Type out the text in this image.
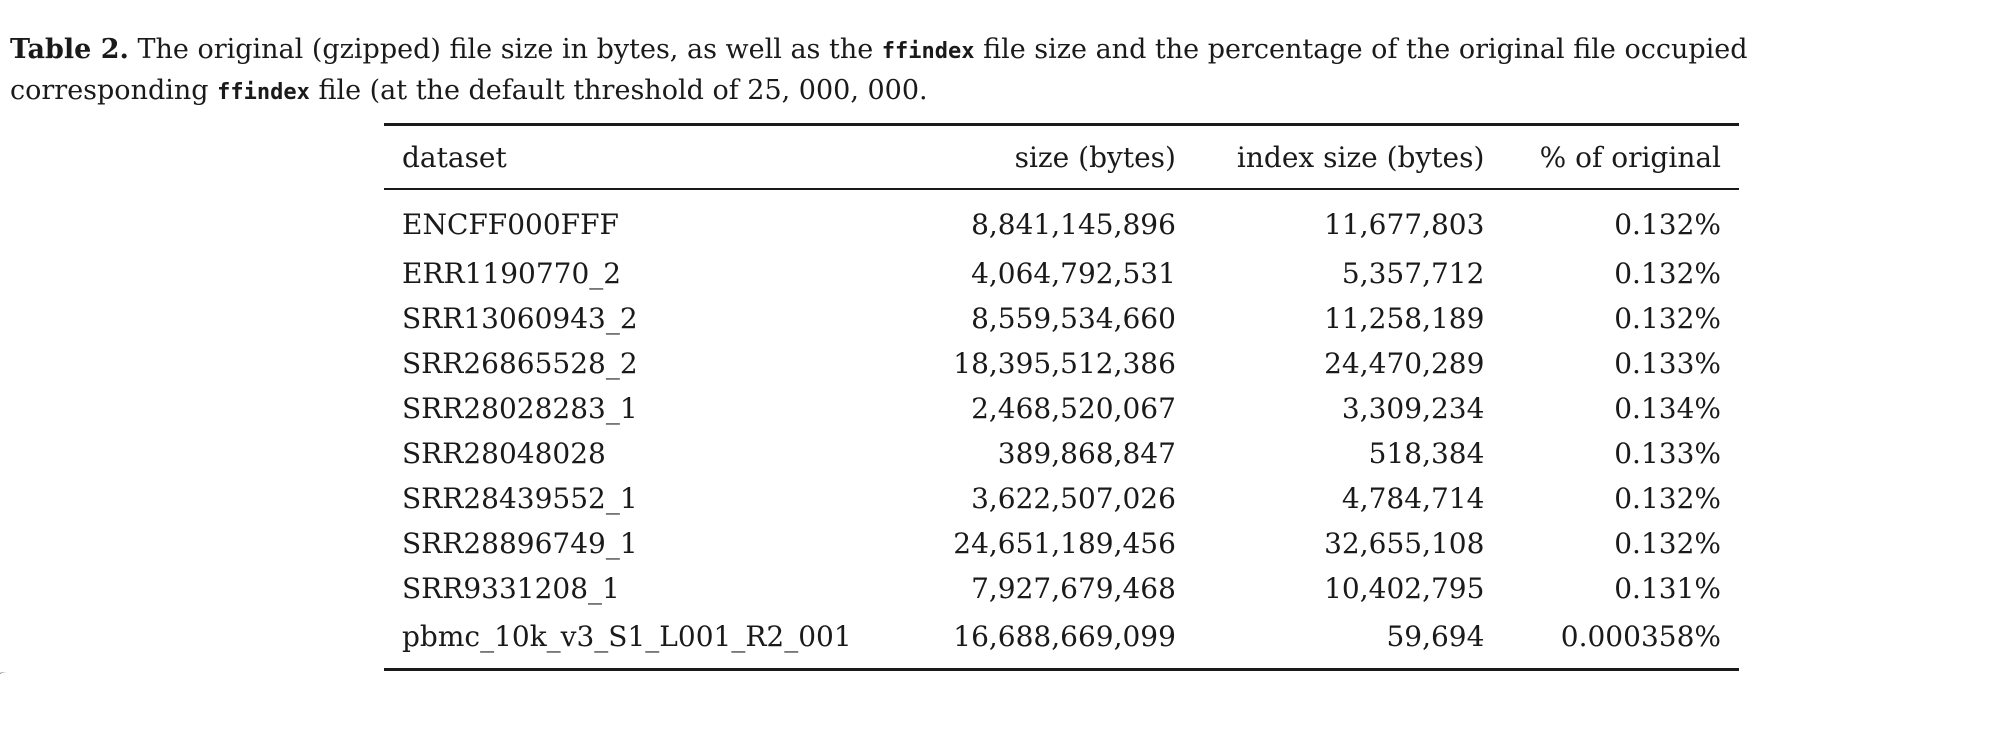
Table 2. The original (gzipped) file size in bytes, as well as the ffindex file size and the percentage of the original file occupied
corresponding ffindex file (at the default threshold of 25, 000, 000.
dataset	size (bytes)	index size (bytes)	% of original
ENCFF000FFF	8,841,145,896	11,677,803	0.132%
ERR1190770_2	4,064,792,531	5,357,712	0.132%
SRR13060943_2	8,559,534,660	11,258,189	0.132%
SRR26865528_2	18,395,512,386	24,470,289	0.133%
SRR28028283_1	2,468,520,067	3,309,234	0.134%
SRR28048028	389,868,847	518,384	0.133%
SRR28439552_1	3,622,507,026	4,784,714	0.132%
SRR28896749_1	24,651,189,456	32,655,108	0.132%
SRR9331208_1	7,927,679,468	10,402,795	0.131%
pbmc_10k_v3_S1_L001_R2_001	16,688,669,099	59,694	0.000358%
